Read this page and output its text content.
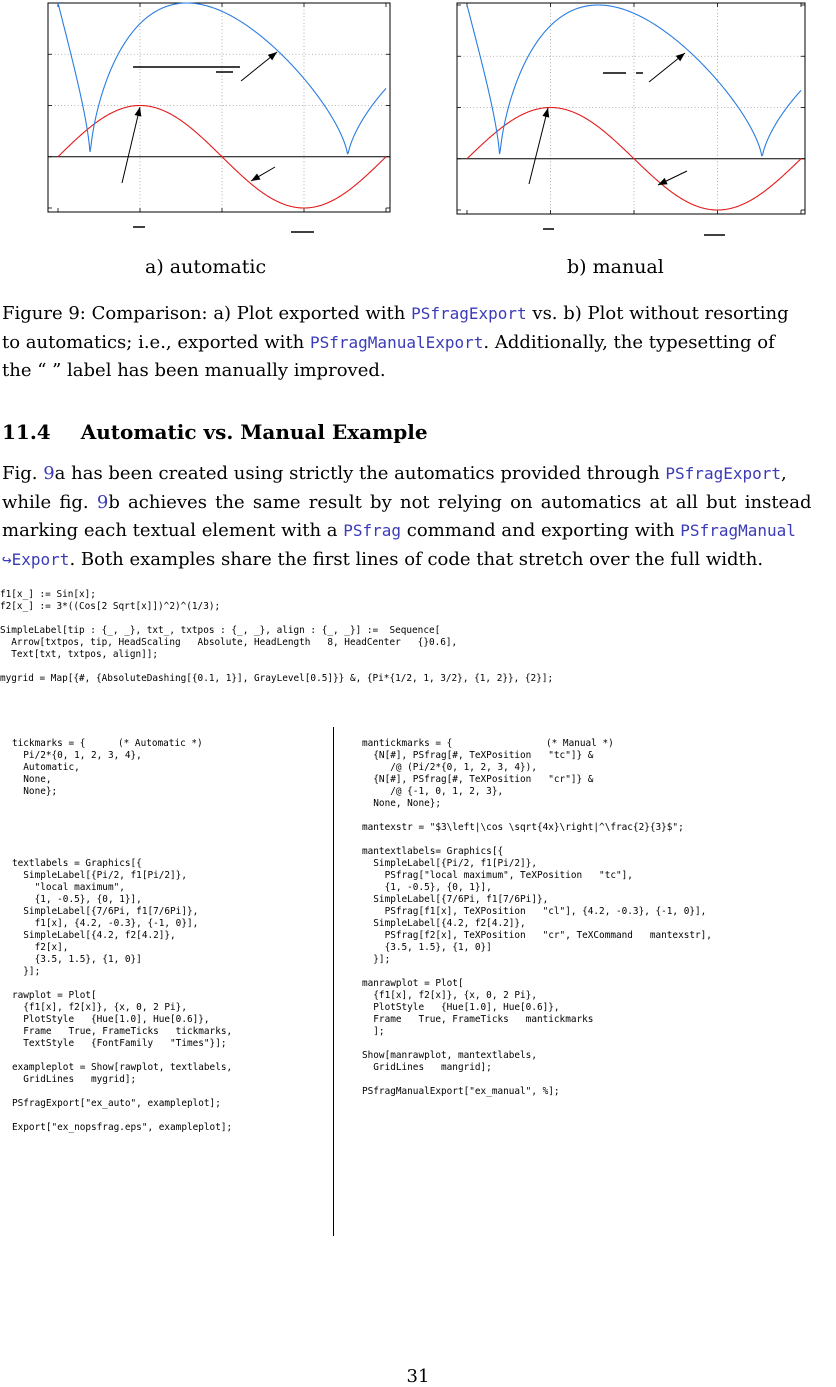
a) automatic	b) manual
Figure 9: Comparison: a) Plot exported with PSfragExport vs. b) Plot without resorting
to automatics; i.e., exported with PSfragManualExport. Additionally, the typesetting of
the “ ” label has been manually improved.
11.4 Automatic vs. Manual Example
Fig. 9a has been created using strictly the automatics provided through PSfragExport,
while fig. 9b achieves the same result by not relying on automatics at all but instead
marking each textual element with a PSfrag command and exporting with PSfragManual
↪Export. Both examples share the first lines of code that stretch over the full width.
f1[x_] := Sin[x];
f2[x_] := 3*((Cos[2 Sqrt[x]])^2)^(1/3);

SimpleLabel[tip : {_, _}, txt_, txtpos : {_, _}, align : {_, _}] :=  Sequence[
Arrow[txtpos, tip, HeadScaling   Absolute, HeadLength   8, HeadCenter   {}0.6],
Text[txt, txtpos, align]];

mygrid = Map[{#, {AbsoluteDashing[{0.1, 1}], GrayLevel[0.5]}} &, {Pi*{1/2, 1, 3/2}, {1, 2}}, {2}];
(* Automatic *)	(* Manual *)
tickmarks = {
Pi/2*{0, 1, 2, 3, 4},
Automatic,
None,
None};

textlabels = Graphics[{
SimpleLabel[{Pi/2, f1[Pi/2]},
"local maximum",
{1, -0.5}, {0, 1}],
SimpleLabel[{7/6Pi, f1[7/6Pi]},
f1[x], {4.2, -0.3}, {-1, 0}],
SimpleLabel[{4.2, f2[4.2]},
f2[x],
{3.5, 1.5}, {1, 0}]
}];

rawplot = Plot[
{f1[x], f2[x]}, {x, 0, 2 Pi},
PlotStyle   {Hue[1.0], Hue[0.6]},
Frame   True, FrameTicks   tickmarks,
TextStyle   {FontFamily   "Times"}];

exampleplot = Show[rawplot, textlabels,
GridLines   mygrid];

PSfragExport["ex_auto", exampleplot];

Export["ex_nopsfrag.eps", exampleplot];
mantickmarks = {
{N[#], PSfrag[#, TeXPosition   "tc"]} &
/@ (Pi/2*{0, 1, 2, 3, 4}),
{N[#], PSfrag[#, TeXPosition   "cr"]} &
/@ {-1, 0, 1, 2, 3},
None, None};

mantexstr = "$3\left|\cos \sqrt{4x}\right|^\frac{2}{3}$";

mantextlabels= Graphics[{
SimpleLabel[{Pi/2, f1[Pi/2]},
PSfrag["local maximum", TeXPosition   "tc"],
{1, -0.5}, {0, 1}],
SimpleLabel[{7/6Pi, f1[7/6Pi]},
PSfrag[f1[x], TeXPosition   "cl"], {4.2, -0.3}, {-1, 0}],
SimpleLabel[{4.2, f2[4.2]},
PSfrag[f2[x], TeXPosition   "cr", TeXCommand   mantexstr],
{3.5, 1.5}, {1, 0}]
}];

manrawplot = Plot[
{f1[x], f2[x]}, {x, 0, 2 Pi},
PlotStyle   {Hue[1.0], Hue[0.6]},
Frame   True, FrameTicks   mantickmarks
];

Show[manrawplot, mantextlabels,
GridLines   mangrid];

PSfragManualExport["ex_manual", %];
31
